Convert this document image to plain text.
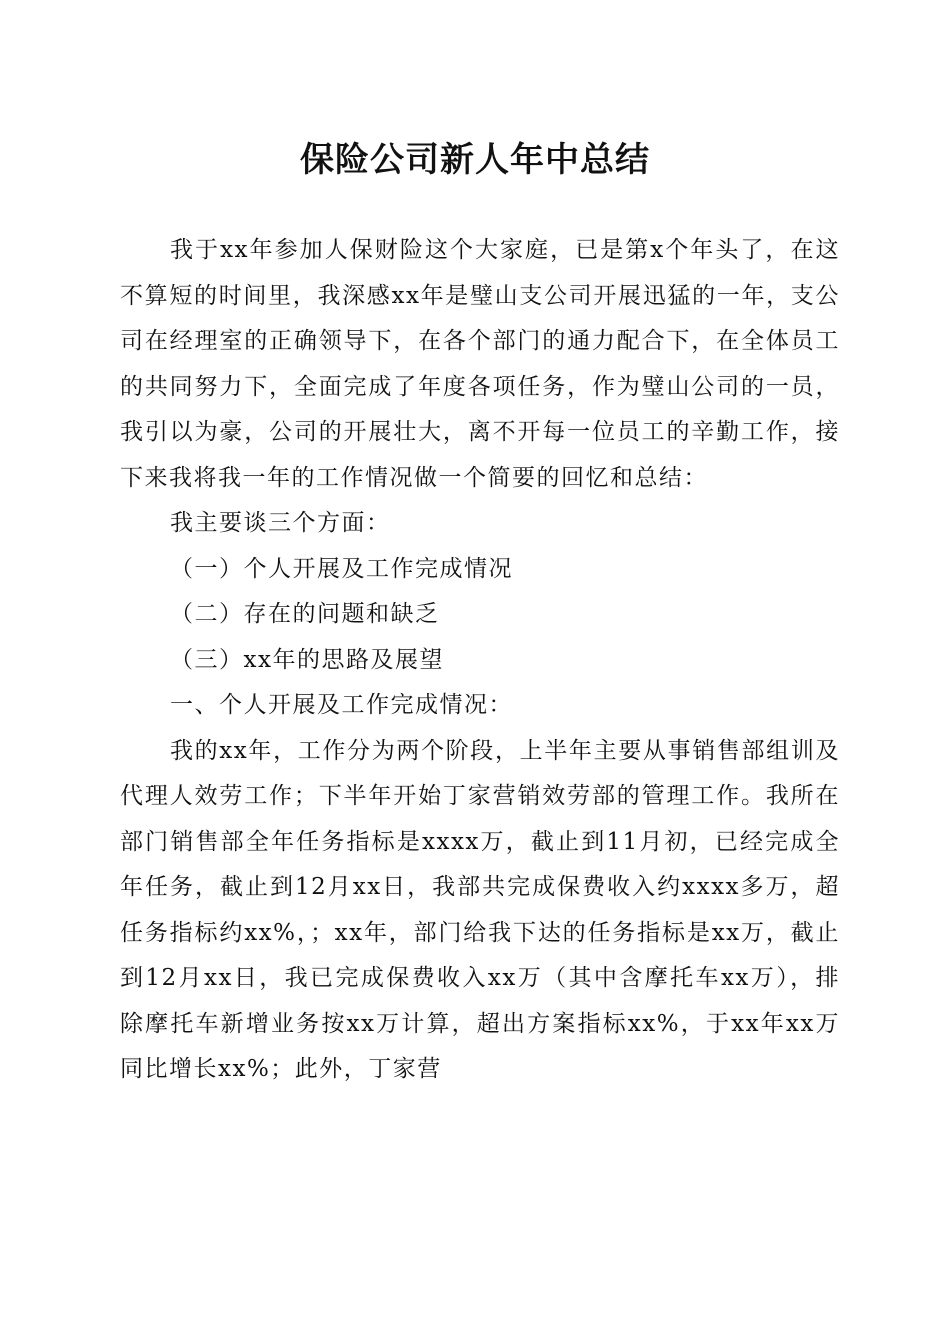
保险公司新人年中总结

我于xx年参加人保财险这个大家庭，已是第x个年头了，在这不算短的时间里，我深感xx年是璧山支公司开展迅猛的一年，支公司在经理室的正确领导下，在各个部门的通力配合下，在全体员工的共同努力下，全面完成了年度各项任务，作为璧山公司的一员，我引以为豪，公司的开展壮大，离不开每一位员工的辛勤工作，接下来我将我一年的工作情况做一个简要的回忆和总结：

我主要谈三个方面：

（一）个人开展及工作完成情况

（二）存在的问题和缺乏

（三）xx年的思路及展望

一、个人开展及工作完成情况：

我的xx年，工作分为两个阶段，上半年主要从事销售部组训及代理人效劳工作；下半年开始丁家营销效劳部的管理工作。我所在部门销售部全年任务指标是xxxx万，截止到11月初，已经完成全年任务，截止到12月xx日，我部共完成保费收入约xxxx多万，超任务指标约xx%，；xx年，部门给我下达的任务指标是xx万，截止到12月xx日，我已完成保费收入xx万（其中含摩托车xx万），排除摩托车新增业务按xx万计算，超出方案指标xx%，于xx年xx万同比增长xx%；此外，丁家营
